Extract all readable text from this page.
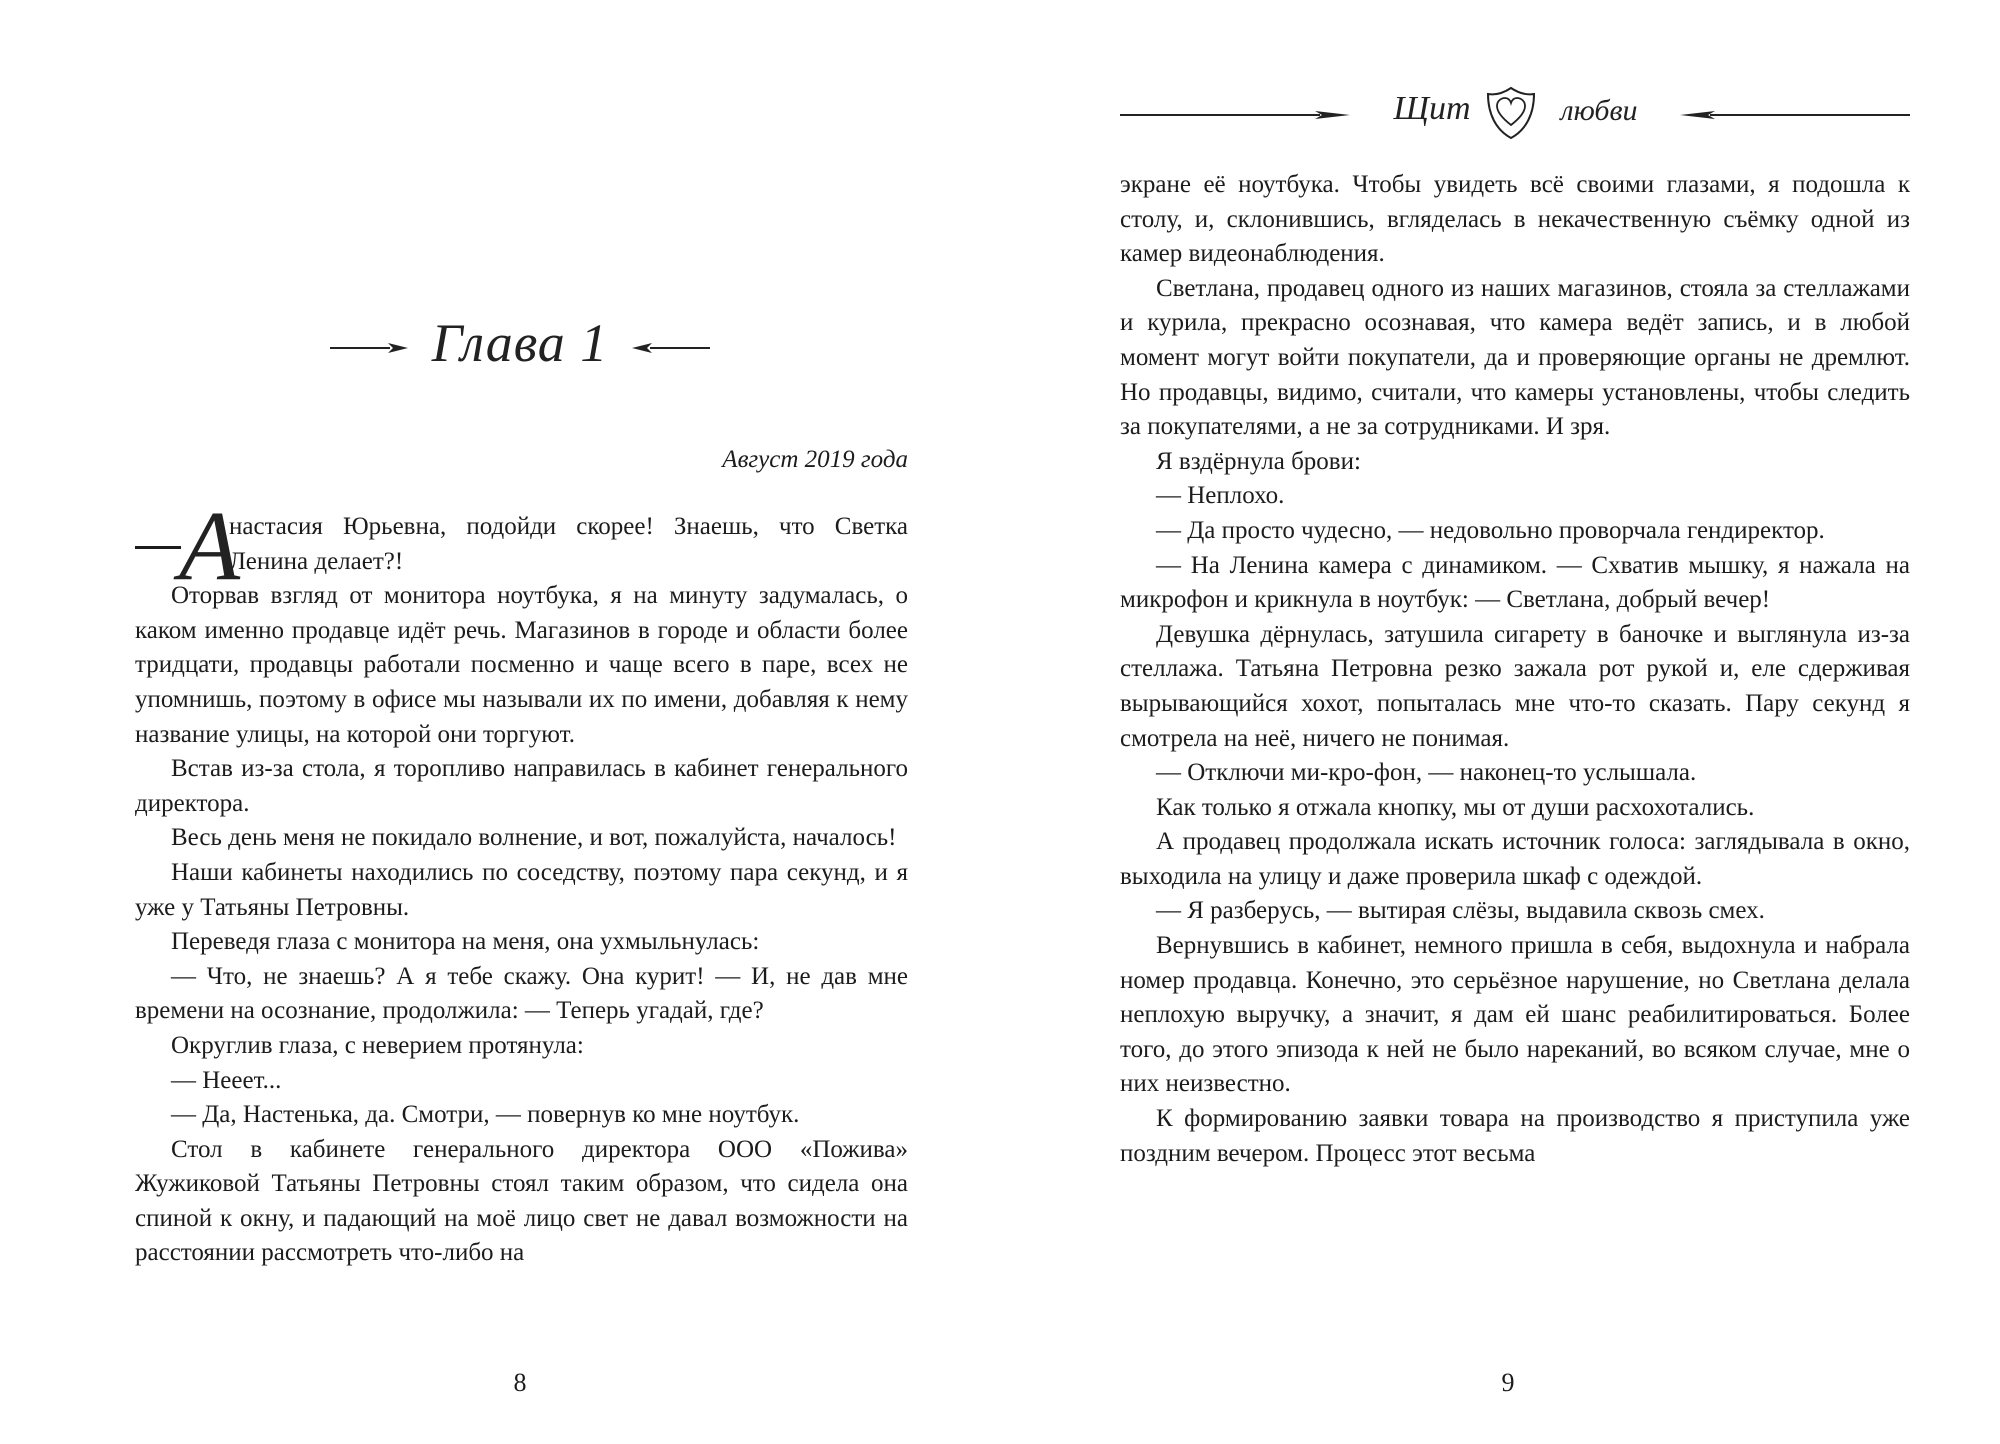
Глава 1
Август 2019 года

А
настасия Юрьевна, подойди скорее! Знаешь, что Светка Ленина делает?!

Оторвав взгляд от монитора ноутбука, я на минуту задумалась, о каком именно продавце идёт речь. Магазинов в городе и области более тридцати, продавцы работали посменно и чаще всего в паре, всех не упомнишь, поэтому в офисе мы называли их по имени, добавляя к нему название улицы, на которой они торгуют.

Встав из-за стола, я торопливо направилась в кабинет генерального директора.

Весь день меня не покидало волнение, и вот, пожалуйста, началось!

Наши кабинеты находились по соседству, поэтому пара секунд, и я уже у Татьяны Петровны.

Переведя глаза с монитора на меня, она ухмыльнулась:

— Что, не знаешь? А я тебе скажу. Она курит! — И, не дав мне времени на осознание, продолжила: — Теперь угадай, где?

Округлив глаза, с неверием протянула:

— Нееет...

— Да, Настенька, да. Смотри, — повернув ко мне ноутбук.

Стол в кабинете генерального директора ООО «Пожива» Жужиковой Татьяны Петровны стоял таким образом, что сидела она спиной к окну, и падающий на моё лицо свет не давал возможности на расстоянии рассмотреть что-либо на

8
Щит	любви

экране её ноутбука. Чтобы увидеть всё своими глазами, я подошла к столу, и, склонившись, вгляделась в некачественную съёмку одной из камер видеонаблюдения.

Светлана, продавец одного из наших магазинов, стояла за стеллажами и курила, прекрасно осознавая, что камера ведёт запись, и в любой момент могут войти покупатели, да и проверяющие органы не дремлют. Но продавцы, видимо, считали, что камеры установлены, чтобы следить за покупателями, а не за сотрудниками. И зря.

Я вздёрнула брови:

— Неплохо.

— Да просто чудесно, — недовольно проворчала гендиректор.

— На Ленина камера с динамиком. — Схватив мышку, я нажала на микрофон и крикнула в ноутбук: — Светлана, добрый вечер!

Девушка дёрнулась, затушила сигарету в баночке и выглянула из-за стеллажа. Татьяна Петровна резко зажала рот рукой и, еле сдерживая вырывающийся хохот, попыталась мне что-то сказать. Пару секунд я смотрела на неё, ничего не понимая.

— Отключи ми-кро-фон, — наконец-то услышала.

Как только я отжала кнопку, мы от души расхохотались.

А продавец продолжала искать источник голоса: заглядывала в окно, выходила на улицу и даже проверила шкаф с одеждой.

— Я разберусь, — вытирая слёзы, выдавила сквозь смех.

Вернувшись в кабинет, немного пришла в себя, выдохнула и набрала номер продавца. Конечно, это серьёзное нарушение, но Светлана делала неплохую выручку, а значит, я дам ей шанс реабилитироваться. Более того, до этого эпизода к ней не было нареканий, во всяком случае, мне о них неизвестно.

К формированию заявки товара на производство я приступила уже поздним вечером. Процесс этот весьма

9
